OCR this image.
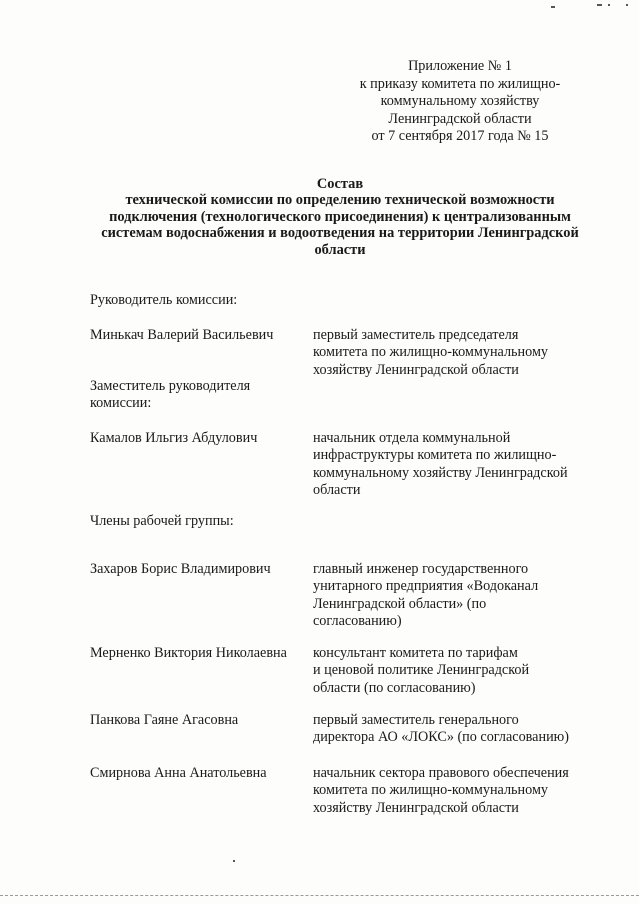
Приложение № 1
к приказу комитета по жилищно-
коммунальному хозяйству
Ленинградской области
от 7 сентября 2017 года № 15
Состав
технической комиссии по определению технической возможности
подключения (технологического присоединения) к централизованным
системам водоснабжения и водоотведения на территории Ленинградской
области
Руководитель комиссии:
Минькач Валерий Васильевич	первый заместитель председателя
комитета по жилищно-коммунальному
хозяйству Ленинградской области
Заместитель руководителя
комиссии:
Камалов Ильгиз Абдулович	начальник отдела коммунальной
инфраструктуры комитета по жилищно-
коммунальному хозяйству Ленинградской
области
Члены рабочей группы:
Захаров Борис Владимирович	главный инженер государственного
унитарного предприятия «Водоканал
Ленинградской области» (по
согласованию)
Мерненко Виктория Николаевна консультант комитета по тарифам
и ценовой политике Ленинградской
области (по согласованию)
Панкова Гаяне Агасовна	первый заместитель генерального
директора АО «ЛОКС» (по согласованию)
Смирнова Анна Анатольевна	начальник сектора правового обеспечения
комитета по жилищно-коммунальному
хозяйству Ленинградской области
